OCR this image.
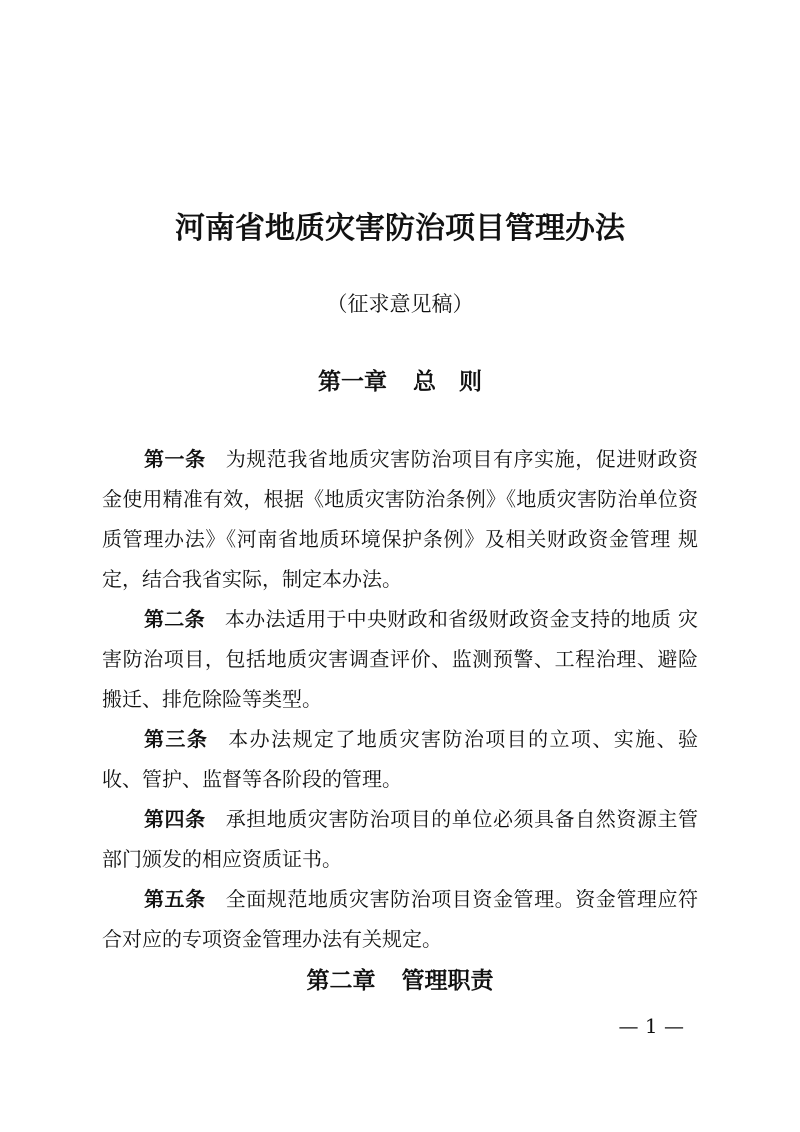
河南省地质灾害防治项目管理办法

（征求意见稿）

第一章 总　则

第一条 为规范我省地质灾害防治项目有序实施，促进财政资金使用精准有效，根据《地质灾害防治条例》《地质灾害防治单位资质管理办法》《河南省地质环境保护条例》及相关财政资金管理 规定，结合我省实际，制定本办法。

第二条 本办法适用于中央财政和省级财政资金支持的地质 灾害防治项目，包括地质灾害调查评价、监测预警、工程治理、避险搬迁、排危除险等类型。

第三条 本办法规定了地质灾害防治项目的立项、实施、验收、管护、监督等各阶段的管理。

第四条 承担地质灾害防治项目的单位必须具备自然资源主管部门颁发的相应资质证书。

第五条 全面规范地质灾害防治项目资金管理。资金管理应符合对应的专项资金管理办法有关规定。

第二章 管理职责

— 1 —
